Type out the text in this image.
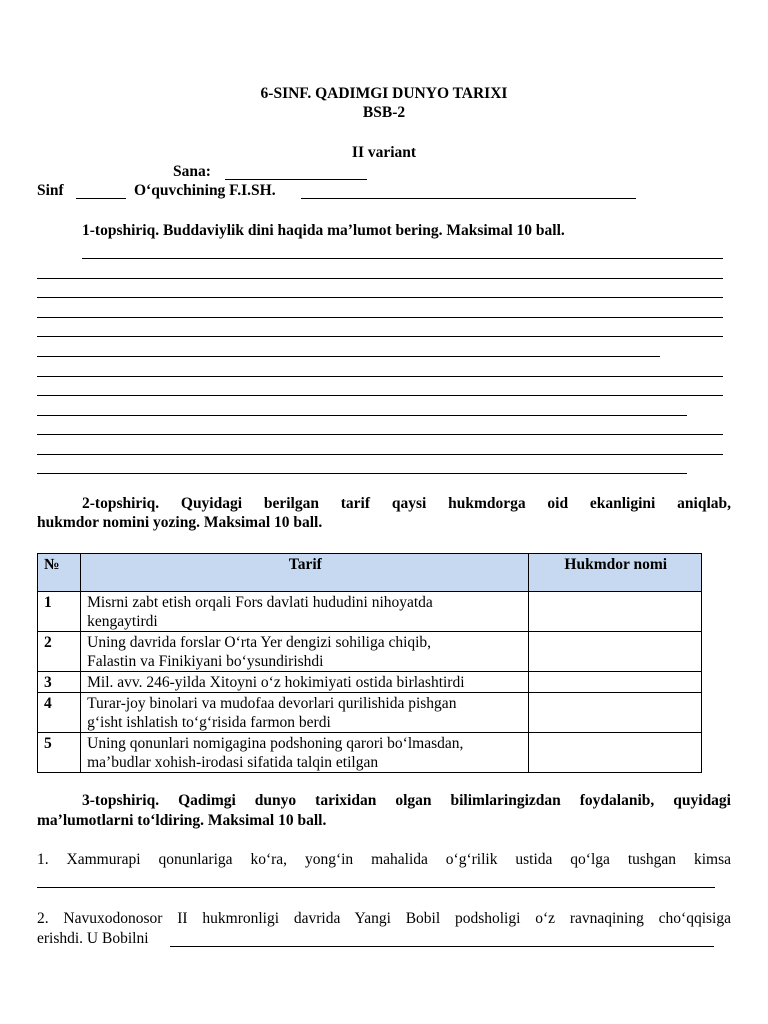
6-SINF. QADIMGI DUNYO TARIXI

BSB-2

II variant

Sana:

Sinf	O‘quvchining F.I.SH.

1-topshiriq. Buddaviylik dini haqida ma’lumot bering. Maksimal 10 ball.

2-topshiriq. Quyidagi berilgan tarif qaysi hukmdorga oid ekanligini aniqlab,

hukmdor nomini yozing. Maksimal 10 ball.

№	Tarif	Hukmdor nomi
1	Misrni zabt etish orqali Fors davlati hududini nihoyatda
kengaytirdi	
2	Uning davrida forslar O‘rta Yer dengizi sohiliga chiqib,
Falastin va Finikiyani bo‘ysundirishdi	
3	Mil. avv. 246-yilda Xitoyni o‘z hokimiyati ostida birlashtirdi	
4	Turar-joy binolari va mudofaa devorlari qurilishida pishgan
g‘isht ishlatish to‘g‘risida farmon berdi	
5	Uning qonunlari nomigagina podshoning qarori bo‘lmasdan,
ma’budlar xohish-irodasi sifatida talqin etilgan	

3-topshiriq. Qadimgi dunyo tarixidan olgan bilimlaringizdan foydalanib, quyidagi

ma’lumotlarni to‘ldiring. Maksimal 10 ball.

1. Xammurapi qonunlariga ko‘ra, yong‘in mahalida o‘g‘rilik ustida qo‘lga tushgan kimsa

2. Navuxodonosor II hukmronligi davrida Yangi Bobil podsholigi o‘z ravnaqining cho‘qqisiga

erishdi. U Bobilni
